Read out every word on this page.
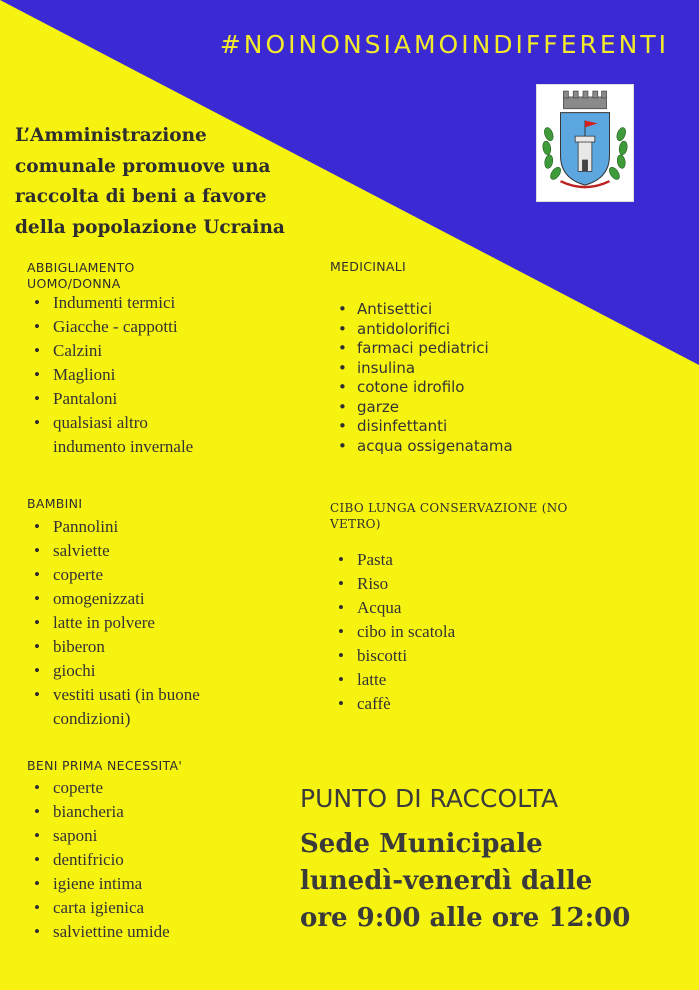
#NOINONSIAMOINDIFFERENTI

L’Amministrazione
comunale promuove una
raccolta di beni a favore
della popolazione Ucraina

ABBIGLIAMENTO
UOMO/DONNA

• Indumenti termici
• Giacche - cappotti
• Calzini
• Maglioni
• Pantaloni
• qualsiasi altro indumento invernale

BAMBINI

• Pannolini
• salviette
• coperte
• omogenizzati
• latte in polvere
• biberon
• giochi
• vestiti usati (in buone condizioni)

BENI PRIMA NECESSITA'

• coperte
• biancheria
• saponi
• dentifricio
• igiene intima
• carta igienica
• salviettine umide

MEDICINALI

• Antisettici
• antidolorifici
• farmaci pediatrici
• insulina
• cotone idrofilo
• garze
• disinfettanti
• acqua ossigenatama

CIBO LUNGA CONSERVAZIONE (NO
VETRO)

• Pasta
• Riso
• Acqua
• cibo in scatola
• biscotti
• latte
• caffè
PUNTO DI RACCOLTA

Sede Municipale
lunedì-venerdì dalle
ore 9:00 alle ore 12:00
